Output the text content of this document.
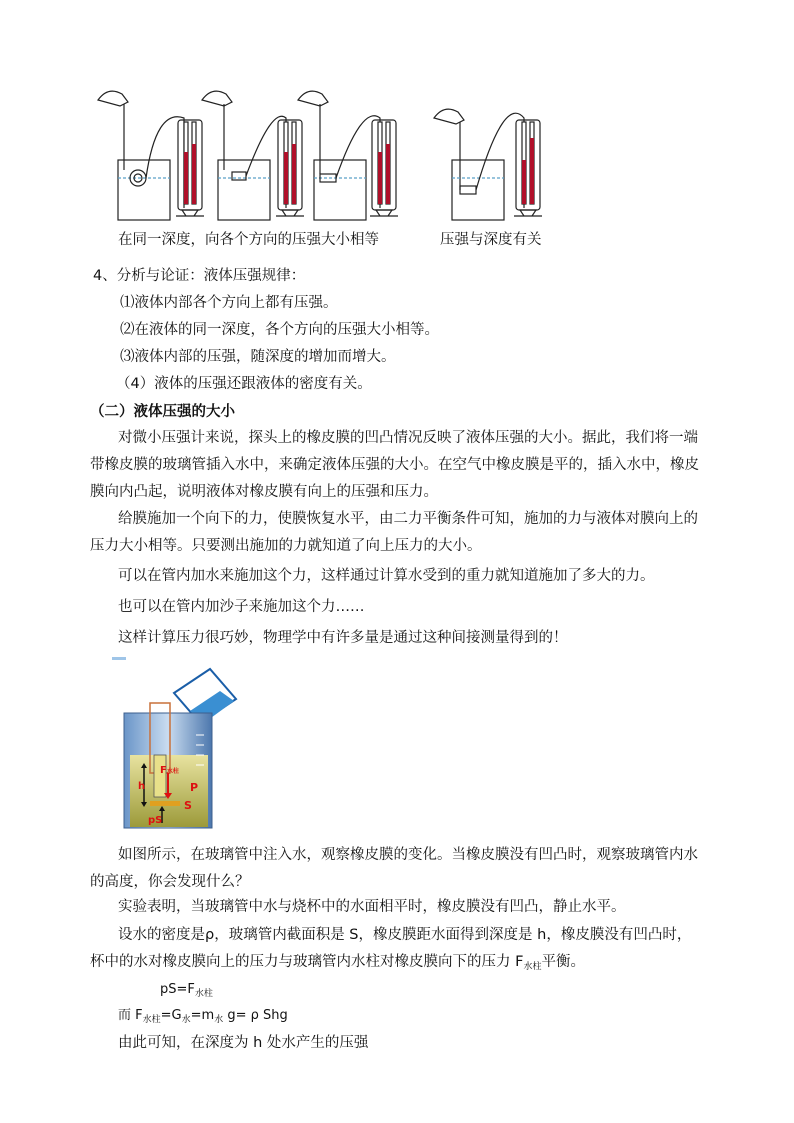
在同一深度，向各个方向的压强大小相等	压强与深度有关
4、分析与论证：液体压强规律：
⑴液体内部各个方向上都有压强。
⑵在液体的同一深度，各个方向的压强大小相等。
⑶液体内部的压强，随深度的增加而增大。
（4）液体的压强还跟液体的密度有关。
（二）液体压强的大小
对微小压强计来说，探头上的橡皮膜的凹凸情况反映了液体压强的大小。据此，我们将一端带橡皮膜的玻璃管插入水中，来确定液体压强的大小。在空气中橡皮膜是平的，插入水中，橡皮膜向内凸起，说明液体对橡皮膜有向上的压强和压力。
给膜施加一个向下的力，使膜恢复水平，由二力平衡条件可知，施加的力与液体对膜向上的压力大小相等。只要测出施加的力就知道了向上压力的大小。
可以在管内加水来施加这个力，这样通过计算水受到的重力就知道施加了多大的力。
也可以在管内加沙子来施加这个力……
这样计算压力很巧妙，物理学中有许多量是通过这种间接测量得到的！
F水柱
h	P
S
pS
如图所示，在玻璃管中注入水，观察橡皮膜的变化。当橡皮膜没有凹凸时，观察玻璃管内水的高度，你会发现什么？
实验表明，当玻璃管中水与烧杯中的水面相平时，橡皮膜没有凹凸，静止水平。
设水的密度是ρ，玻璃管内截面积是 S，橡皮膜距水面得到深度是 h，橡皮膜没有凹凸时，杯中的水对橡皮膜向上的压力与玻璃管内水柱对橡皮膜向下的压力 $F_{水柱}$平衡。
$pS=F_{水柱}$
而 $F_{水柱}=G_水=m_水$ g= ρ Shg
由此可知，在深度为 h 处水产生的压强
